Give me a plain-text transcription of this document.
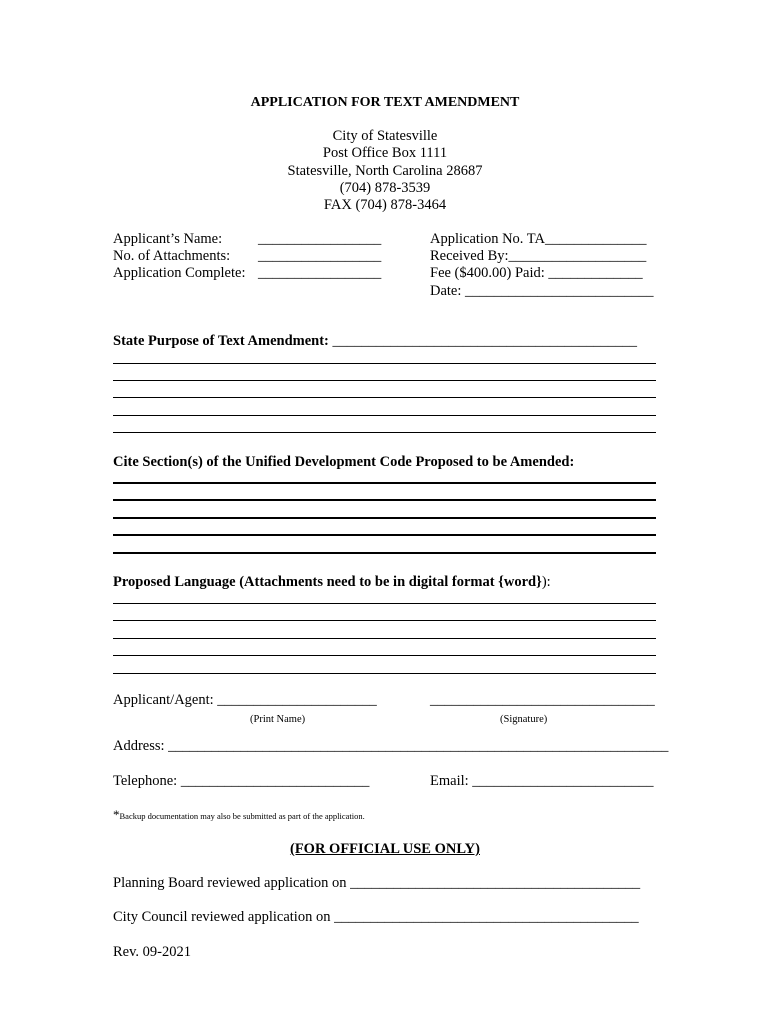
APPLICATION FOR TEXT AMENDMENT
City of Statesville
Post Office Box 1111
Statesville, North Carolina 28687
(704) 878-3539
FAX (704) 878-3464
Applicant’s Name: _________________
No. of Attachments: _________________
Application Complete: _________________
Application No. TA______________
Received By:___________________
Fee ($400.00) Paid: _____________
Date: __________________________
State Purpose of Text Amendment: __________________________________________
Cite Section(s) of the Unified Development Code Proposed to be Amended:
Proposed Language (Attachments need to be in digital format {word}):
Applicant/Agent: ______________________	_______________________________
(Print Name)	(Signature)
Address: _____________________________________________________________________
Telephone: __________________________	Email: _________________________
*Backup documentation may also be submitted as part of the application.
(FOR OFFICIAL USE ONLY)
Planning Board reviewed application on ________________________________________
City Council reviewed application on __________________________________________
Rev. 09-2021
